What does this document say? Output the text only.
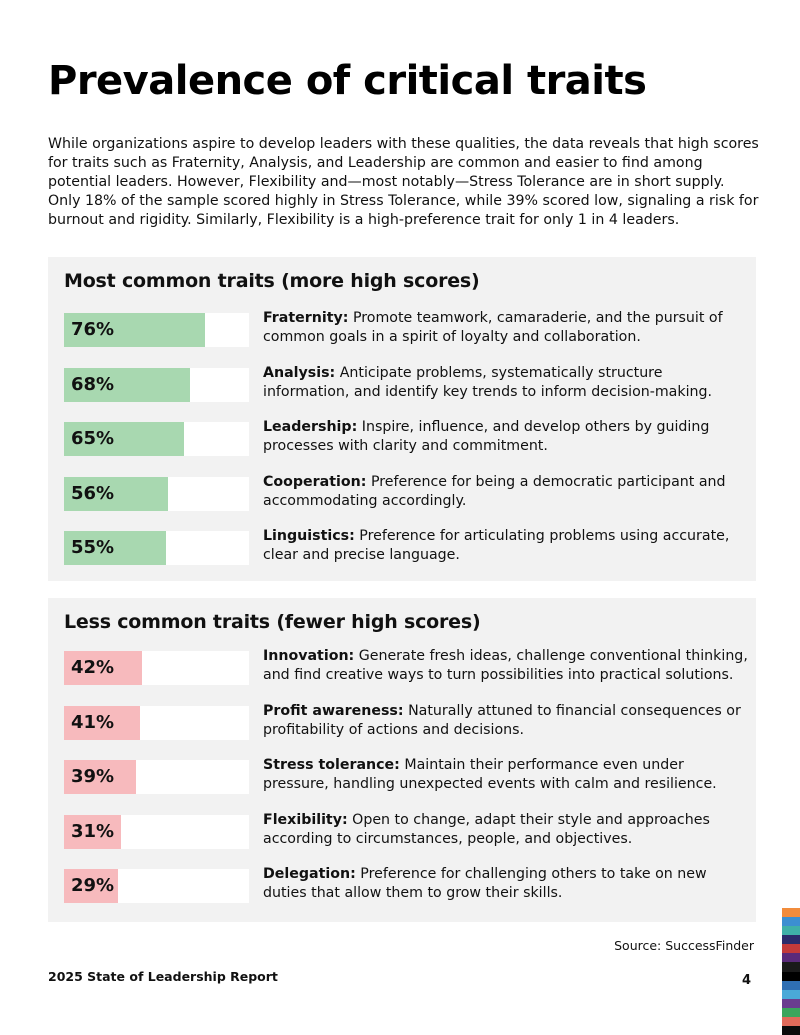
Prevalence of critical traits

While organizations aspire to develop leaders with these qualities, the data reveals that high scores for traits such as Fraternity, Analysis, and Leadership are common and easier to find among potential leaders. However, Flexibility and—most notably—Stress Tolerance are in short supply. Only 18% of the sample scored highly in Stress Tolerance, while 39% scored low, signaling a risk for burnout and rigidity. Similarly, Flexibility is a high-preference trait for only 1 in 4 leaders.

Most common traits (more high scores)
76%
Fraternity: Promote teamwork, camaraderie, and the pursuit of common goals in a spirit of loyalty and collaboration.
68%
Analysis: Anticipate problems, systematically structure information, and identify key trends to inform decision-making.
65%
Leadership: Inspire, influence, and develop others by guiding processes with clarity and commitment.
56%
Cooperation: Preference for being a democratic participant and accommodating accordingly.
55%
Linguistics: Preference for articulating problems using accurate, clear and precise language.
Less common traits (fewer high scores)
42%
Innovation: Generate fresh ideas, challenge conventional thinking, and find creative ways to turn possibilities into practical solutions.
41%
Profit awareness: Naturally attuned to financial consequences or profitability of actions and decisions.
39%
Stress tolerance: Maintain their performance even under pressure, handling unexpected events with calm and resilience.
31%
Flexibility: Open to change, adapt their style and approaches according to circumstances, people, and objectives.
29%
Delegation: Preference for challenging others to take on new duties that allow them to grow their skills.
Source: SuccessFinder
2025 State of Leadership Report	4
